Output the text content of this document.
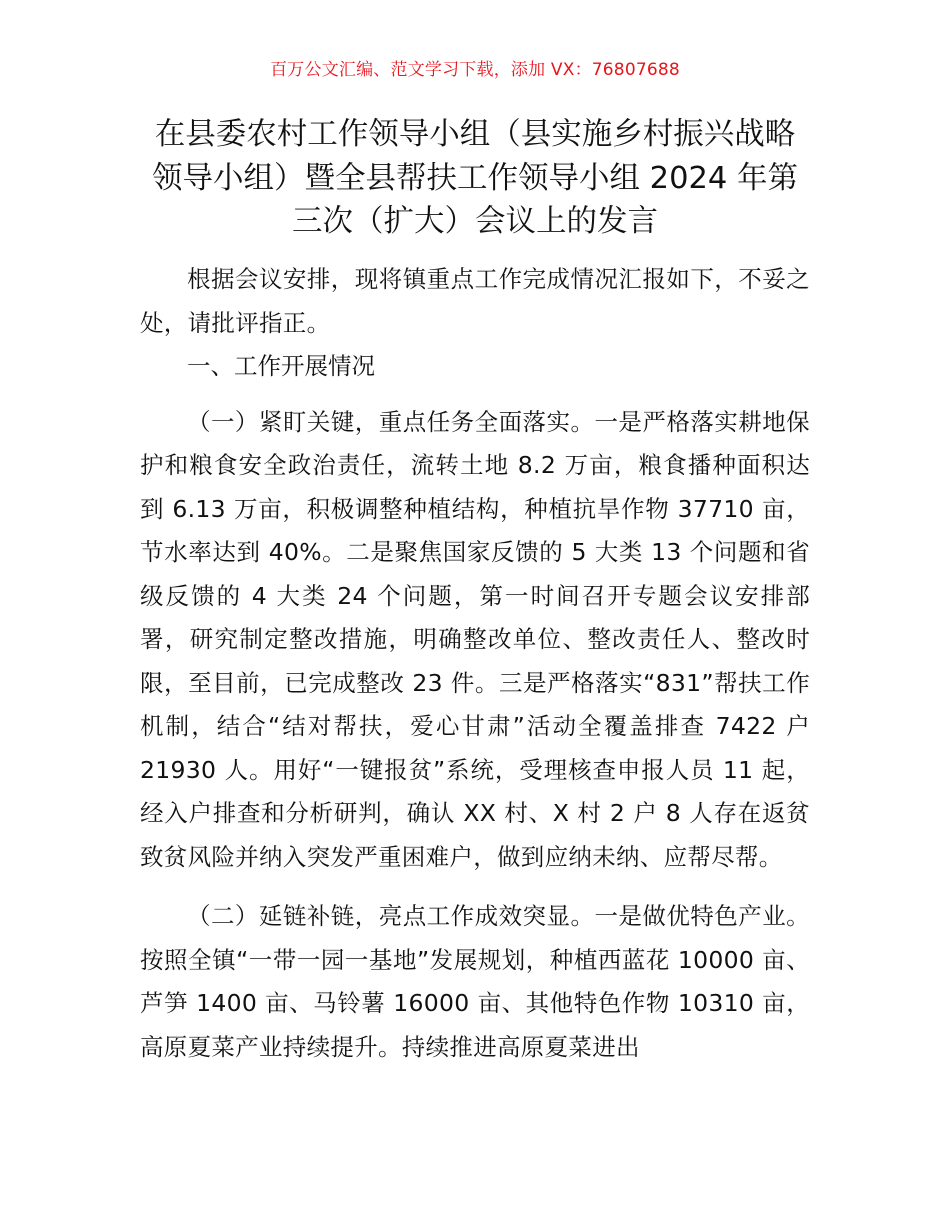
百万公文汇编、范文学习下载，添加 VX：76807688
在县委农村工作领导小组（县实施乡村振兴战略领导小组）暨全县帮扶工作领导小组 2024 年第三次（扩大）会议上的发言

根据会议安排，现将镇重点工作完成情况汇报如下，不妥之处，请批评指正。

一、工作开展情况

（一）紧盯关键，重点任务全面落实。一是严格落实耕地保护和粮食安全政治责任，流转土地 8.2 万亩，粮食播种面积达到 6.13 万亩，积极调整种植结构，种植抗旱作物 37710 亩，节水率达到 40%。二是聚焦国家反馈的 5 大类 13 个问题和省级反馈的 4 大类 24 个问题，第一时间召开专题会议安排部署，研究制定整改措施，明确整改单位、整改责任人、整改时限，至目前，已完成整改 23 件。三是严格落实“831”帮扶工作机制，结合“结对帮扶，爱心甘肃”活动全覆盖排查 7422 户 21930 人。用好“一键报贫”系统，受理核查申报人员 11 起，经入户排查和分析研判，确认 XX 村、X 村 2 户 8 人存在返贫致贫风险并纳入突发严重困难户，做到应纳未纳、应帮尽帮。

（二）延链补链，亮点工作成效突显。一是做优特色产业。按照全镇“一带一园一基地”发展规划，种植西蓝花 10000 亩、芦笋 1400 亩、马铃薯 16000 亩、其他特色作物 10310 亩，高原夏菜产业持续提升。持续推进高原夏菜进出
